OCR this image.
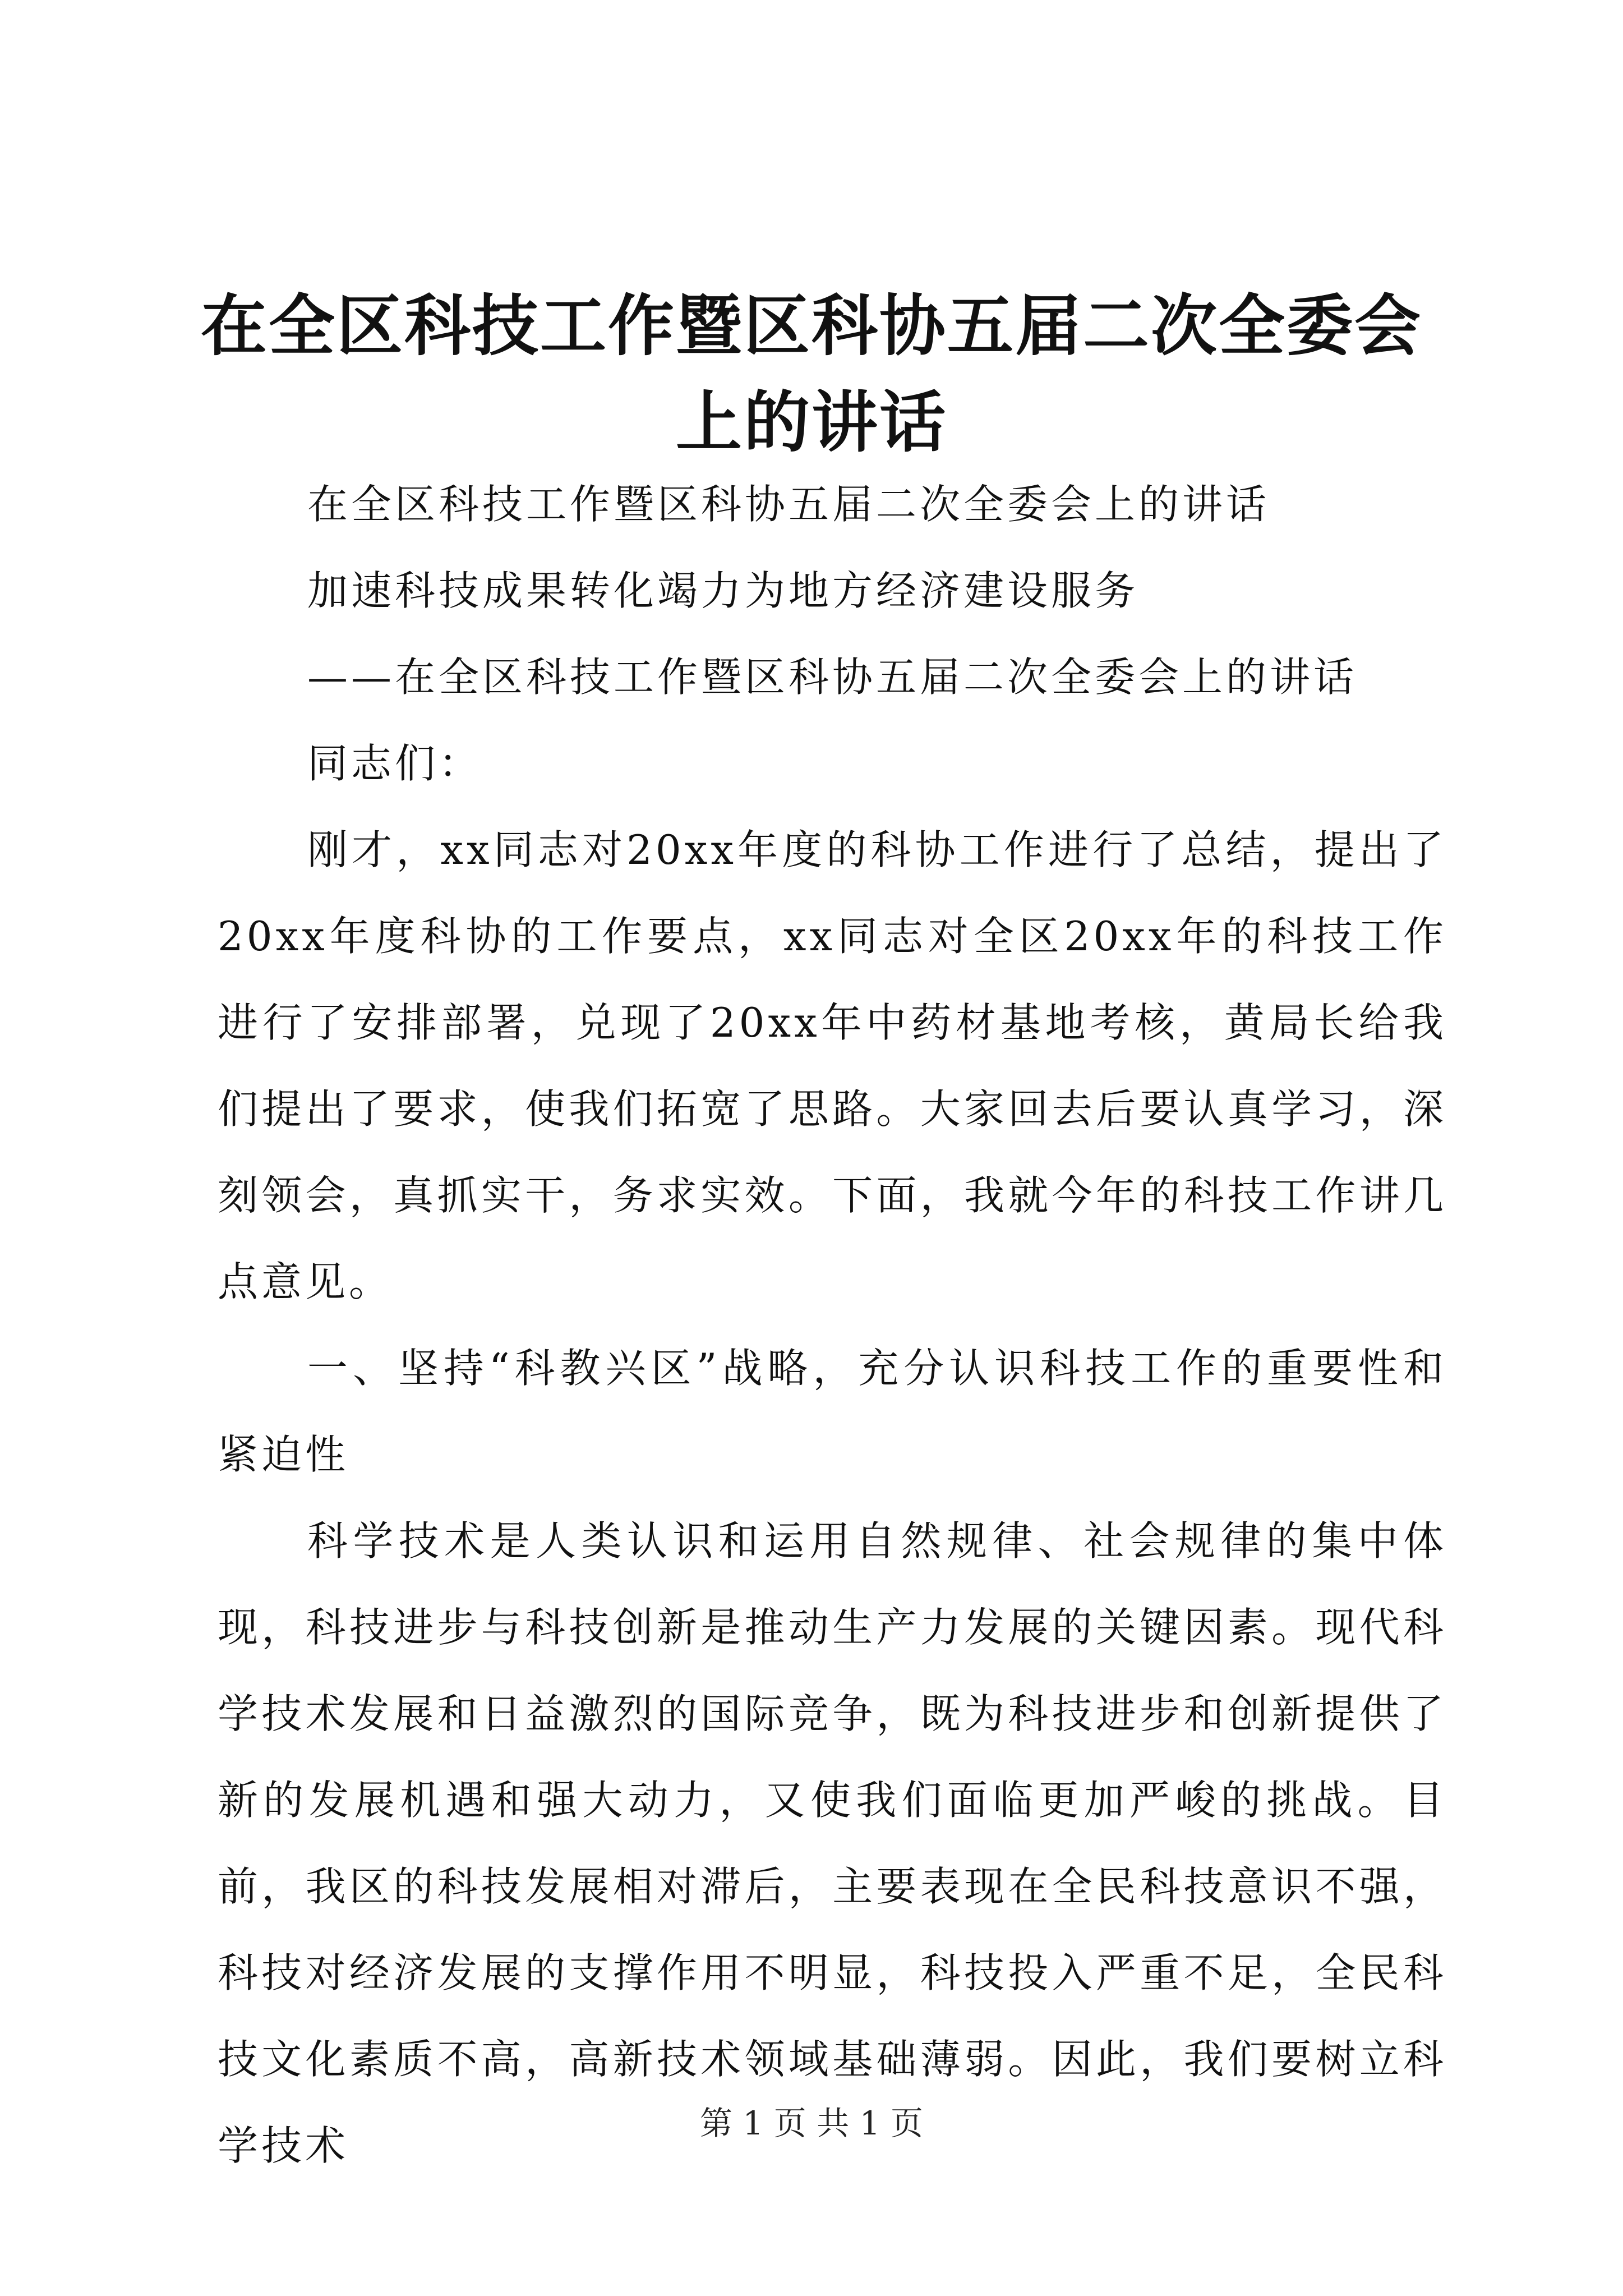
在全区科技工作暨区科协五届二次全委会上的讲话
在全区科技工作暨区科协五届二次全委会上的讲话
加速科技成果转化竭力为地方经济建设服务
——在全区科技工作暨区科协五届二次全委会上的讲话
同志们：

刚才，xx同志对20xx年度的科协工作进行了总结，提出了20xx年度科协的工作要点，xx同志对全区20xx年的科技工作进行了安排部署，兑现了20xx年中药材基地考核，黄局长给我们提出了要求，使我们拓宽了思路。大家回去后要认真学习，深刻领会，真抓实干，务求实效。下面，我就今年的科技工作讲几点意见。

一、坚持“科教兴区”战略，充分认识科技工作的重要性和紧迫性

科学技术是人类认识和运用自然规律、社会规律的集中体现，科技进步与科技创新是推动生产力发展的关键因素。现代科学技术发展和日益激烈的国际竞争，既为科技进步和创新提供了新的发展机遇和强大动力，又使我们面临更加严峻的挑战。目前，我区的科技发展相对滞后，主要表现在全民科技意识不强，科技对经济发展的支撑作用不明显，科技投入严重不足，全民科技文化素质不高，高新技术领域基础薄弱。因此，我们要树立科学技术	第 1 页 共 1 页
